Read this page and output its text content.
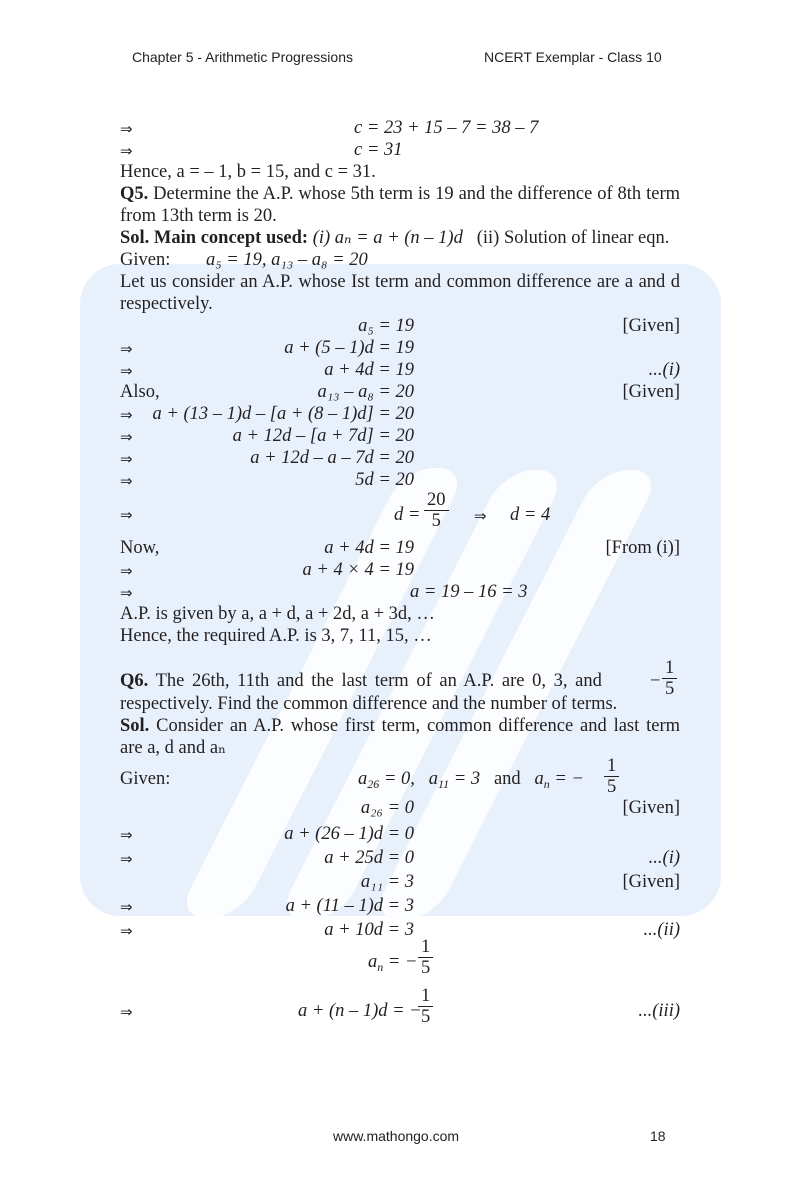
Chapter 5 - Arithmetic Progressions	NCERT Exemplar - Class 10
⇒	c = 23 + 15 – 7 = 38 – 7
⇒	c = 31
Hence, a = – 1, b = 15, and c = 31.
Q5. Determine the A.P. whose 5th term is 19 and the difference of 8th term from 13th term is 20.
Sol. Main concept used: (i) aₙ = a + (n – 1)d (ii) Solution of linear eqn.
Given: a₅ = 19, a₁₃ – a₈ = 20
Let us consider an A.P. whose Ist term and common difference are a and d respectively.
a₅ = 19	[Given]
⇒	a + (5 – 1)d = 19
⇒	a + 4d = 19	...(i)
Also,	a₁₃ – a₈ = 20	[Given]
⇒ a + (13 – 1)d – [a + (8 – 1)d] = 20
⇒	a + 12d – [a + 7d] = 20
⇒	a + 12d – a – 7d = 20
⇒	5d = 20
⇒	$d = \frac{20}{5}$ ⇒ d = 4
Now,	a + 4d = 19	[From (i)]
⇒	a + 4 × 4 = 19
⇒	a = 19 – 16 = 3
A.P. is given by a, a + d, a + 2d, a + 3d, …
Hence, the required A.P. is 3, 7, 11, 15, …
Q6. The 26th, 11th and the last term of an A.P. are 0, 3, and	− $\frac{1}{5}$
respectively. Find the common difference and the number of terms.
Sol. Consider an A.P. whose first term, common difference and last term are a, d and aₙ
Given:	$a_{26} = 0$,   $a_{11} = 3$   and   $a_n$ = − $\frac{1}{5}$
a₂₆ = 0	[Given]
⇒	a + (26 – 1)d = 0
⇒	a + 25d = 0	...(i)
a₁₁ = 3	[Given]
⇒	a + (11 – 1)d = 3
⇒	a + 10d = 3	...(ii)
$a_n$ = − $\frac{1}{5}$
⇒	a + (n – 1)d = −
$\frac{1}{5}$	...(iii)
www.mathongo.com	18
